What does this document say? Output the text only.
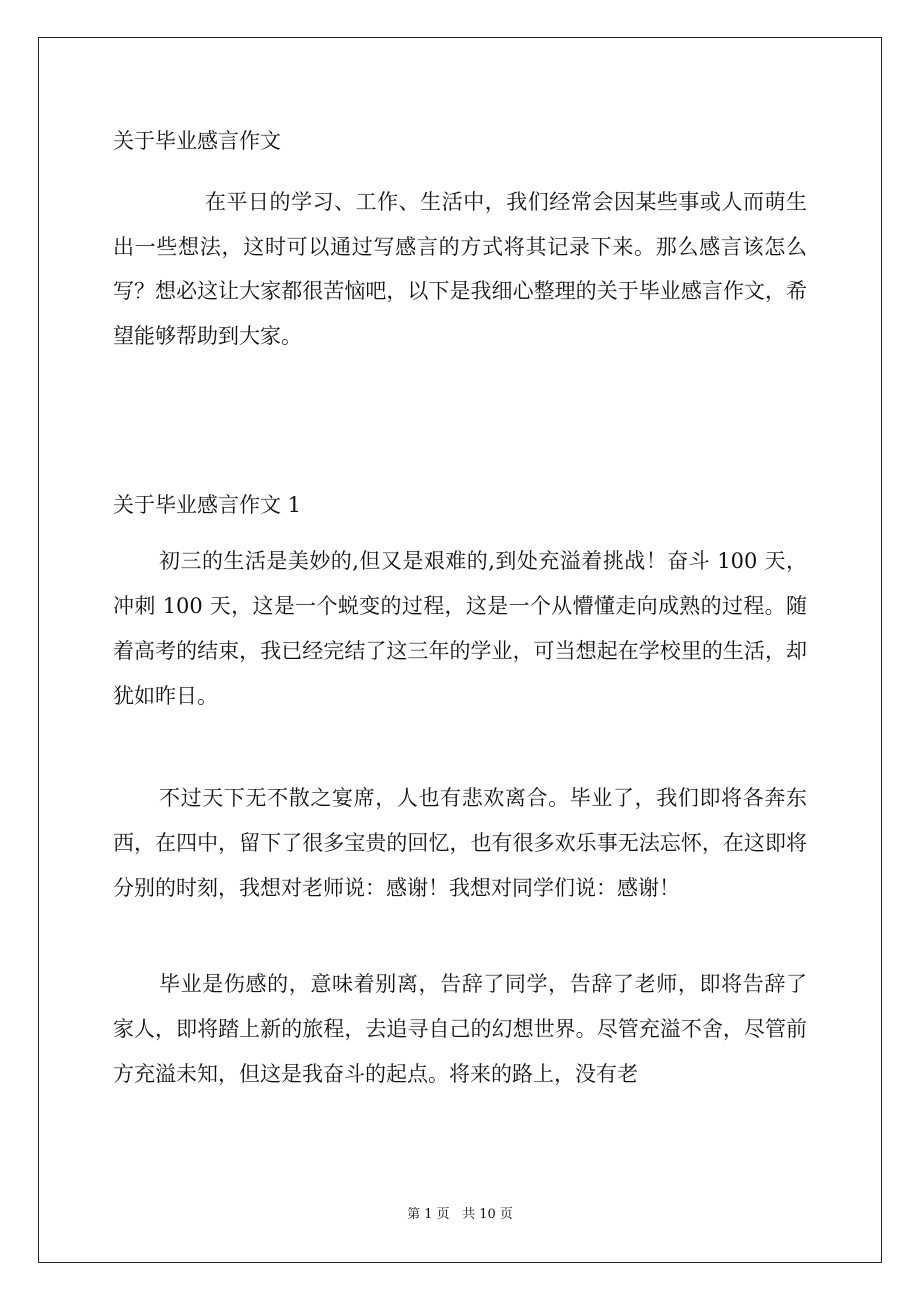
关于毕业感言作文

在平日的学习、工作、生活中，我们经常会因某些事或人而萌生出一些想法，这时可以通过写感言的方式将其记录下来。那么感言该怎么写？想必这让大家都很苦恼吧，以下是我细心整理的关于毕业感言作文，希望能够帮助到大家。

关于毕业感言作文 1

初三的生活是美妙的,但又是艰难的,到处充溢着挑战！奋斗 100 天，冲刺 100 天，这是一个蜕变的过程，这是一个从懵懂走向成熟的过程。随着高考的结束，我已经完结了这三年的学业，可当想起在学校里的生活，却犹如昨日。

不过天下无不散之宴席，人也有悲欢离合。毕业了，我们即将各奔东西，在四中，留下了很多宝贵的回忆，也有很多欢乐事无法忘怀，在这即将分别的时刻，我想对老师说：感谢！我想对同学们说：感谢！

毕业是伤感的，意味着别离，告辞了同学，告辞了老师，即将告辞了家人，即将踏上新的旅程，去追寻自己的幻想世界。尽管充溢不舍，尽管前方充溢未知，但这是我奋斗的起点。将来的路上，没有老

第 1 页 共 10 页
